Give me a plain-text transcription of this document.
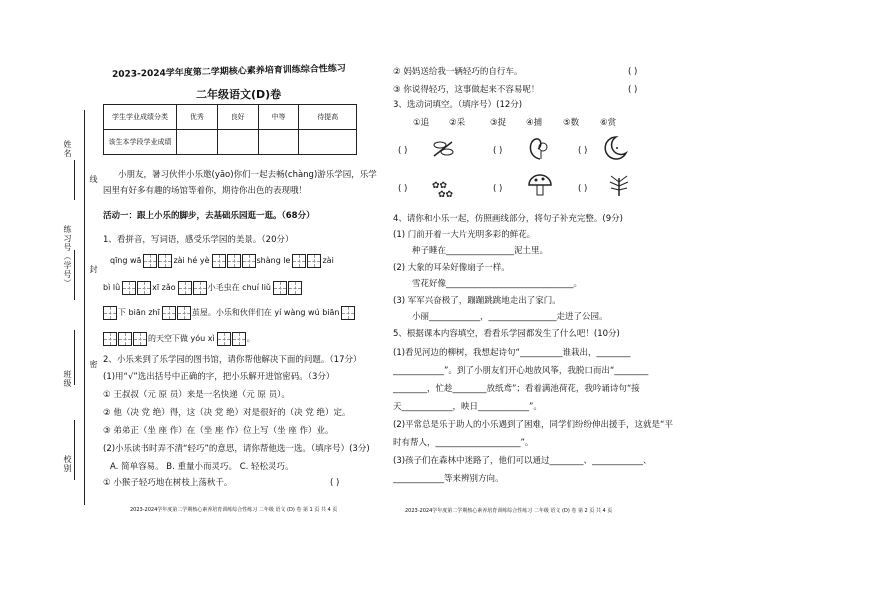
姓名
练习号（学号）
班级
校别
线
封
密
2023-2024学年度第二学期核心素养培育训练综合性练习
二年级语文(D)卷
学生学业成绩分类	优秀	良好	中等	待提高
该生本学段学业成绩				
小朋友，暑习伙伴小乐邀(yāo)你们一起去畅(chàng)游乐学园，乐学
园里有好多有趣的场馆等着你，期待你出色的表现哦！
活动一：跟上小乐的脚步，去基础乐园逛一逛。（68分）
1、看拼音，写词语，感受乐学园的美景。（20分）
qīng wā	zài hé yè	shàng le	zài
bì lǜ	xī zǎo	小毛虫在 chuí liǔ
下 biān zhī	茧屋。小乐和伙伴们在 yí wàng wú biān
的天空下做 yóu xì	。
2、小乐来到了乐学园的图书馆，请你帮他解决下面的问题。（17分）
(1)用“√”选出括号中正确的字，把小乐解开进馆密码。（3分）
① 王叔叔（元 原 员）来是一名快递（元 原 员）。
② 他（决 党 绝）得，这（决 党 绝）对是很好的（决 党 绝）定。
③ 弟弟正（坐 座 作）在（坐 座 作）位上写（坐 座 作）业。
(2)小乐读书时弄不清“轻巧”的意思，请你帮他选一选。（填序号）(3分)
A. 简单容易。 B. 重量小而灵巧。 C. 轻松灵巧。
① 小猴子轻巧地在树枝上荡秋千。	( )
2023-2024学年度第二学期核心素养培育训练综合性练习 二年级 语文 (D) 卷 第 1 页 共 4 页
② 妈妈送给我一辆轻巧的自行车。	( )
③ 你说得轻巧，这事做起来不容易呢！	( )
3、选动词填空。（填序号）(12分)
①追 ②采	③捉 ④捕 ⑤数 ⑥赏
( )	( )	( )
( )	✿✿
✿✿
( )	( )
4、请你和小乐一起，仿照画线部分，将句子补充完整。(9分)
(1) 门前开着一大片光明多彩的鲜花。
种子睡在________________泥土里。
(2) 大象的耳朵好像扇子一样。
雪花好像______________________________。
(3) 军军兴奋极了，蹦蹦跳跳地走出了家门。
小丽____________，________________走进了公园。
5、根据课本内容填空，看看乐学园都发生了什么吧！(10分)
(1)看见河边的柳树，我想起诗句“__________谁栽出，________
____________”。到了小朋友们开心地放风筝，我脱口而出“________
________，忙趁________放纸鸢”；看着满池荷花，我吟诵诗句“接
天____________，映日____________”。
(2)平常总是乐于助人的小乐遇到了困难，同学们纷纷伸出援手，这就是“平
时有帮人，____________________”。
(3)孩子们在森林中迷路了，他们可以通过________、____________、
____________等来辨别方向。
2023-2024学年度第二学期核心素养培育训练综合性练习 二年级 语文 (D) 卷 第 2 页 共 4 页
